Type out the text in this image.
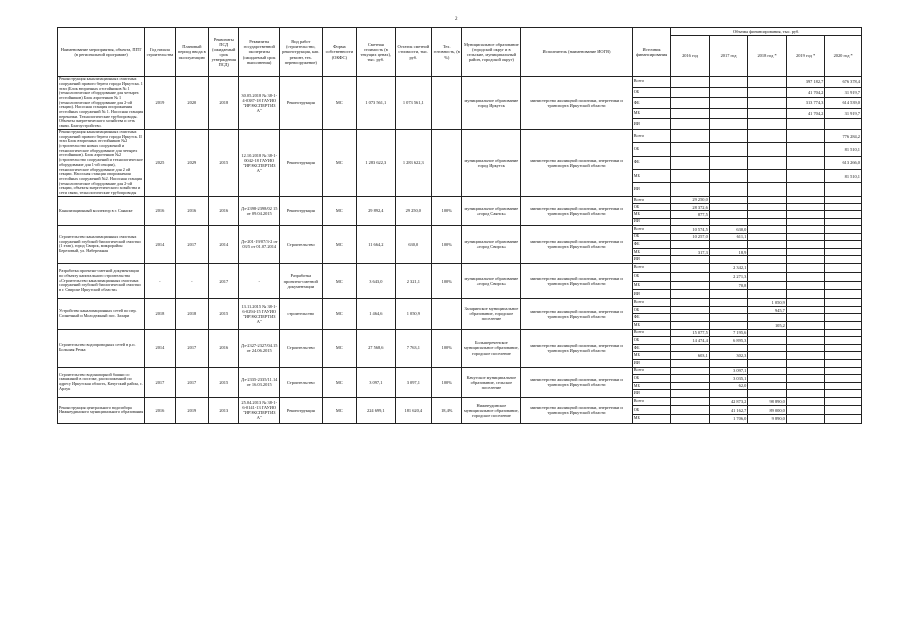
2
Наименование мероприятия, объекта, ППТ (в региональной программе)	Год начала строительства	Плановый период ввода в эксплуатацию	Реквизиты ПСД (ожидаемый срок утверждения ПСД)	Реквизиты государственной экспертизы (ожидаемый срок выполнения)	Вид работ (строительство, реконструкция, кап. ремонт, тех. перевооружение)	Форма собственности (ОКФС)	Сметная стоимость (в текущих ценах), тыс. руб.	Остаток сметной стоимости, тыс. руб.	Тех. готовность, (в %)	Муниципальное образование (городской округ и в сельские, муниципальный район, городской округ)	Исполнитель (наименование ИОГВ)	Источник финансирования	Объемы финансирования, тыс. руб.				
													2016 год	2017 год	2018 год *	2019 год *	2020 год *
Реконструкция канализационных очистных сооружений правого берега города Иркутска. 1 этап (Блок вторичных отстойников № 1 (технологическое оборудование для четырех отстойников) Блок аэротенков № 1 (технологическое оборудование для 2-ой секции). Насосная станция опорожнения отстойных сооружений № 1. Насосная станция перекачки. Технологические трубопроводы. Объекты энергетического хозяйства и сеть связи. Благоустройство.	2019	2020	2018	30.05.2018 № 38-1-4-0387-18 ГАУИО "ИРЭКСПЕРТИЗ А"	Реконструкция	МС	1 073 561,1	1 073 561,1		муниципальное образование город Иркутск	министерство жилищной политики, энергетики и транспорта Иркутской области	Всего				397 182,7	676 378,4
												ОБ				41 704,2	31 919,7
												ФБ				313 774,3	614 539,0
												МБ				41 704,2	31 919,7
												ИИ					
Реконструкция канализационных очистных сооружений правого берега города Иркутск. II этап Блок вторичных отстойников №2 (строительство новых сооружений и технологическое оборудование для четырех отстойников). Блок аэротенков №2 (строительство сооружений и технологическое оборудование для 1-ой секции), технологическое оборудование для 2 ой секции. Насосная станция опорожнения отстойных сооружений №2. Насосная станция (технологическое оборудование для 2-ой секции, объекты энергетического хозяйства и сети связи, технологические трубопроводы	2025	2029	2015	12.10.2018 № 38-1-0042-18 ГАУИО "ИРЭКСПЕРТИЗ А"	Реконструкция	МС	1 283 622,3	1 283 622,3		муниципальное образование город Иркутск	министерство жилищной политики, энергетики и транспорта Иркутской области	Всего					776 284,2
												ОБ					81 510,1
												ФБ					613 266,0
												МБ					81 510,1
												ИИ					
Канализационный коллектор в г. Саянске	2016	2016	2016	Дз-2398-2398/02 15 от 09.04.2015	Реконструкция	МС	29 892,4	29 250,0	100%	муниципальное образование «город Саянск»	министерство жилищной политики, энергетики и транспорта Иркутской области	Всего	29 250,0				
												ОБ	28 372,6				
												МБ	877,5				
												ИИ					
Строительство канализационных очистных сооружений глубокой биологической очистки (1 этап), город Свирск, микрорайон Березовый, ул. Набережная	2014	2017	2014	Дз-201-19/07/3-2 от 03/5 от 01.07.2014	Строительство	МС	11 664,2	630,0	100%	муниципальное образование «город Свирск»	министерство жилищной политики, энергетики и транспорта Иркутской области	Всего	10 574,5	630,0			
												ОБ	10 257,0	611,1			
												ФБ					
												МБ	317,3	18,9			
												ИИ					
Разработка проектно-сметной документации по объекту капитального строительства «Строительство канализационных очистных сооружений глубокой биологической очистки в г. Свирске Иркутской области»	-	-	2017	-	Разработка проектно-сметной документации	МС	3 643,0	2 321,1	100%	муниципальное образование «город Свирск»	министерство жилищной политики, энергетики и транспорта Иркутской области	Всего		2 342,1			
												ОБ		2 271,3			
												МБ		70,8			
												ИИ					
Устройство канализационных сетей по пер. Солнечный и Молодежный пос. Залари	2018	2018	2015	13.11.2015 № 38-1-6-0294-15 ГАУИО "ИРЭКСПЕРТИЗ А"	строительство	МС	1 464,6	1 050,9		Заларинское муниципальное образование, городское поселение	министерство жилищной политики, энергетики и транспорта Иркутской области	Всего			1 050,9		
												ОБ			945,7		
												ФБ					
												МБ			105,2		
Строительство водопроводных сетей в р.п. Большая Речка	2014	2017	2016	Дз-2327-2327/04.15 от 24.06.2015	Строительство	МС	27 568,6	7 763,1	100%	Большереченское муниципальное образование, городское поселение	министерство жилищной политики, энергетики и транспорта Иркутской области	Всего	15 077,5	7 195,6			
												ОБ	14 474,4	6 895,3			
												ФБ					
												МБ	603,1	302,3			
												ИИ					
Строительство водонапорной башни со скважиной в поселке, расположенной по адресу Иркутская область, Качугский район, с. Арлук	2017	2017	2015	Дз-2335-2335/11.14 от 16.03.2015	Строительство	МС	3 097,1	3 097,1	100%	Качугское муниципальное образование, сельское поселение	министерство жилищной политики, энергетики и транспорта Иркутской области	Всего		3 097,1			
												ОБ		3 035,1			
												МБ		62,0			
												ИИ					
Реконструкция центрального водозабора Нижнеудинского муниципального образования	2016	2019	2013	25.04.2013 № 38-1-6-0141-13 ГАУИО "ИРЭКСПЕРТИЗ А"	Реконструкция	МС	224 699,1	181 620,4	18,4%	Нижнеудинское муниципальное образование, городское поселение	министерство жилищной политики, энергетики и транспорта Иркутской области	Всего		42 873,2	98 890,0		
												ОБ		41 162,7	89 000,0		
												МБ		1 706,0	9 890,0		
